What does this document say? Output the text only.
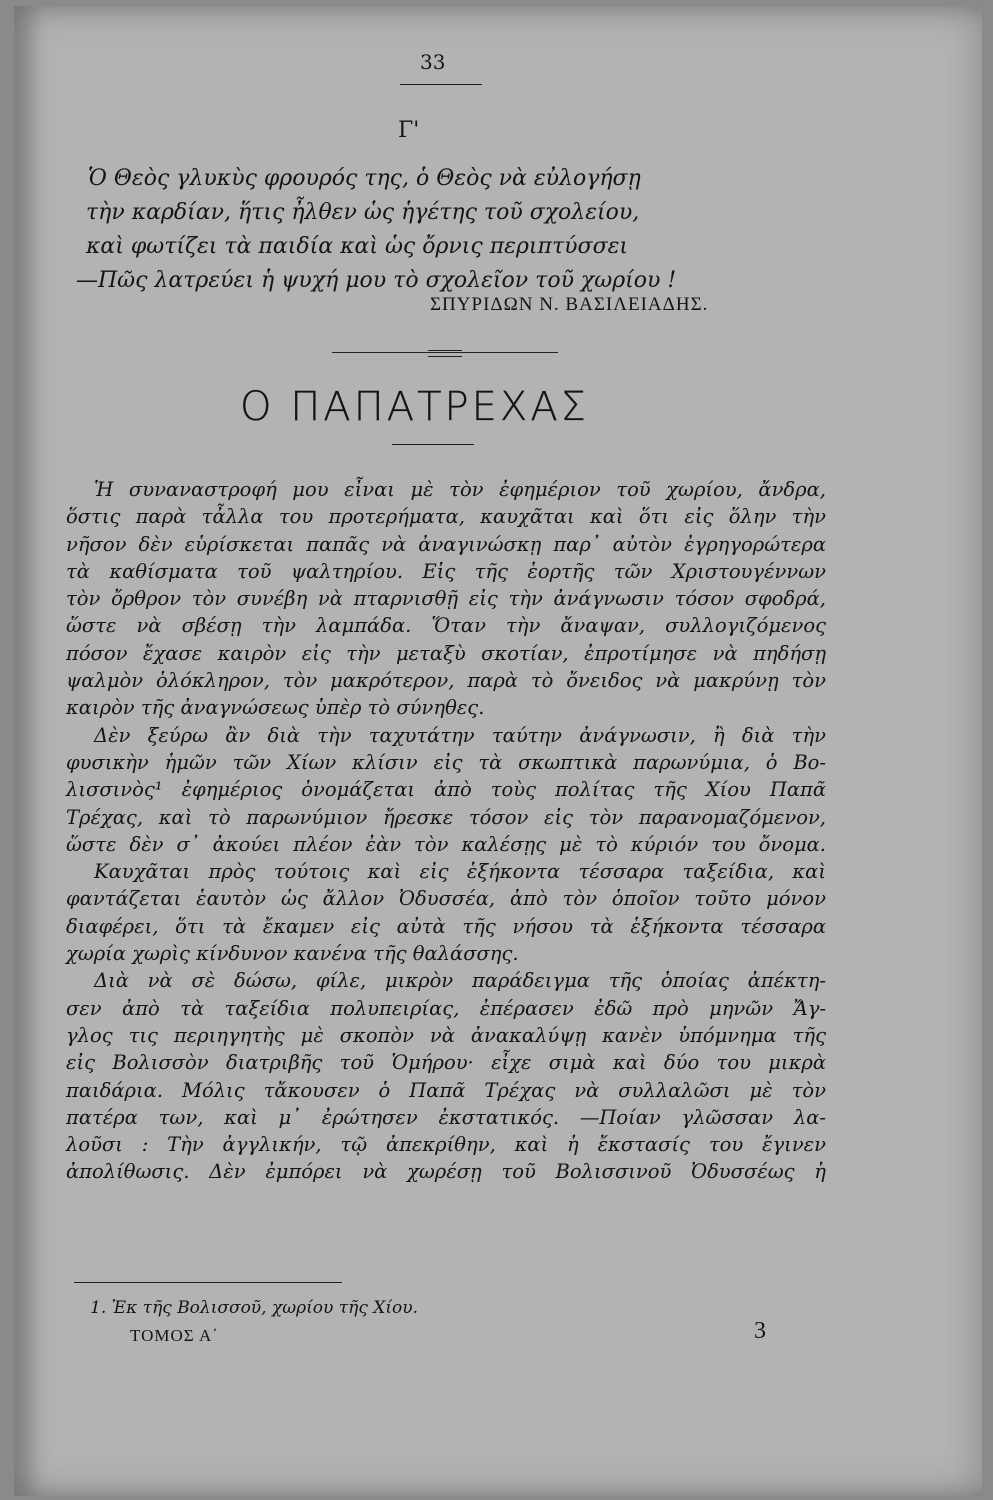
33
Γ'
Ὁ Θεὸς γλυκὺς φρουρός της, ὁ Θεὸς νὰ εὐλογήσῃ
τὴν καρδίαν, ἥτις ἦλθεν ὡς ἡγέτης τοῦ σχολείου,
καὶ φωτίζει τὰ παιδία καὶ ὡς ὄρνις περιπτύσσει
—Πῶς λατρεύει ἡ ψυχή μου τὸ σχολεῖον τοῦ χωρίου !
ΣΠΥΡΙΔΩΝ Ν. ΒΑΣΙΛΕΙΑΔΗΣ.
Ο ΠΑΠΑΤΡΕΧΑΣ
Ἡ συναναστροφή μου εἶναι μὲ τὸν ἐφημέριον τοῦ χωρίου, ἄνδρα,
ὅστις παρὰ τἆλλα του προτερήματα, καυχᾶται καὶ ὅτι εἰς ὅλην τὴν
νῆσον δὲν εὑρίσκεται παπᾶς νὰ ἀναγινώσκῃ παρ᾽ αὐτὸν ἐγρηγορώτερα
τὰ καθίσματα τοῦ ψαλτηρίου. Εἰς τῆς ἑορτῆς τῶν Χριστουγέννων
τὸν ὄρθρον τὸν συνέβη νὰ πταρνισθῇ εἰς τὴν ἀνάγνωσιν τόσον σφοδρά,
ὥστε νὰ σβέσῃ τὴν λαμπάδα. Ὅταν τὴν ἄναψαν, συλλογιζόμενος
πόσον ἔχασε καιρὸν εἰς τὴν μεταξὺ σκοτίαν, ἐπροτίμησε νὰ πηδήσῃ
ψαλμὸν ὁλόκληρον, τὸν μακρότερον, παρὰ τὸ ὄνειδος νὰ μακρύνῃ τὸν
καιρὸν τῆς ἀναγνώσεως ὑπὲρ τὸ σύνηθες.
Δὲν ξεύρω ἂν διὰ τὴν ταχυτάτην ταύτην ἀνάγνωσιν, ἢ διὰ τὴν
φυσικὴν ἡμῶν τῶν Χίων κλίσιν εἰς τὰ σκωπτικὰ παρωνύμια, ὁ Βο-
λισσινὸς¹ ἐφημέριος ὀνομάζεται ἀπὸ τοὺς πολίτας τῆς Χίου Παπᾶ
Τρέχας, καὶ τὸ παρωνύμιον ἤρεσκε τόσον εἰς τὸν παρανομαζόμενον,
ὥστε δὲν σ᾽ ἀκούει πλέον ἐὰν τὸν καλέσῃς μὲ τὸ κύριόν του ὄνομα.
Καυχᾶται πρὸς τούτοις καὶ εἰς ἑξήκοντα τέσσαρα ταξείδια, καὶ
φαντάζεται ἑαυτὸν ὡς ἄλλον Ὀδυσσέα, ἀπὸ τὸν ὁποῖον τοῦτο μόνον
διαφέρει, ὅτι τὰ ἔκαμεν εἰς αὐτὰ τῆς νήσου τὰ ἑξήκοντα τέσσαρα
χωρία χωρὶς κίνδυνον κανένα τῆς θαλάσσης.
Διὰ νὰ σὲ δώσω, φίλε, μικρὸν παράδειγμα τῆς ὁποίας ἀπέκτη-
σεν ἀπὸ τὰ ταξείδια πολυπειρίας, ἐπέρασεν ἐδῶ πρὸ μηνῶν Ἄγ-
γλος τις περιηγητὴς μὲ σκοπὸν νὰ ἀνακαλύψῃ κανὲν ὑπόμνημα τῆς
εἰς Βολισσὸν διατριβῆς τοῦ Ὁμήρου· εἶχε σιμὰ καὶ δύο του μικρὰ
παιδάρια. Μόλις τἄκουσεν ὁ Παπᾶ Τρέχας νὰ συλλαλῶσι μὲ τὸν
πατέρα των, καὶ μ᾽ ἐρώτησεν ἐκστατικός. —Ποίαν γλῶσσαν λα-
λοῦσι : Τὴν ἀγγλικήν, τῷ ἀπεκρίθην, καὶ ἡ ἔκστασίς του ἔγινεν
ἀπολίθωσις. Δὲν ἐμπόρει νὰ χωρέσῃ τοῦ Βολισσινοῦ Ὀδυσσέως ἡ
1. Ἐκ τῆς Βολισσοῦ, χωρίου τῆς Χίου.
ΤΟΜΟΣ Α΄	3
